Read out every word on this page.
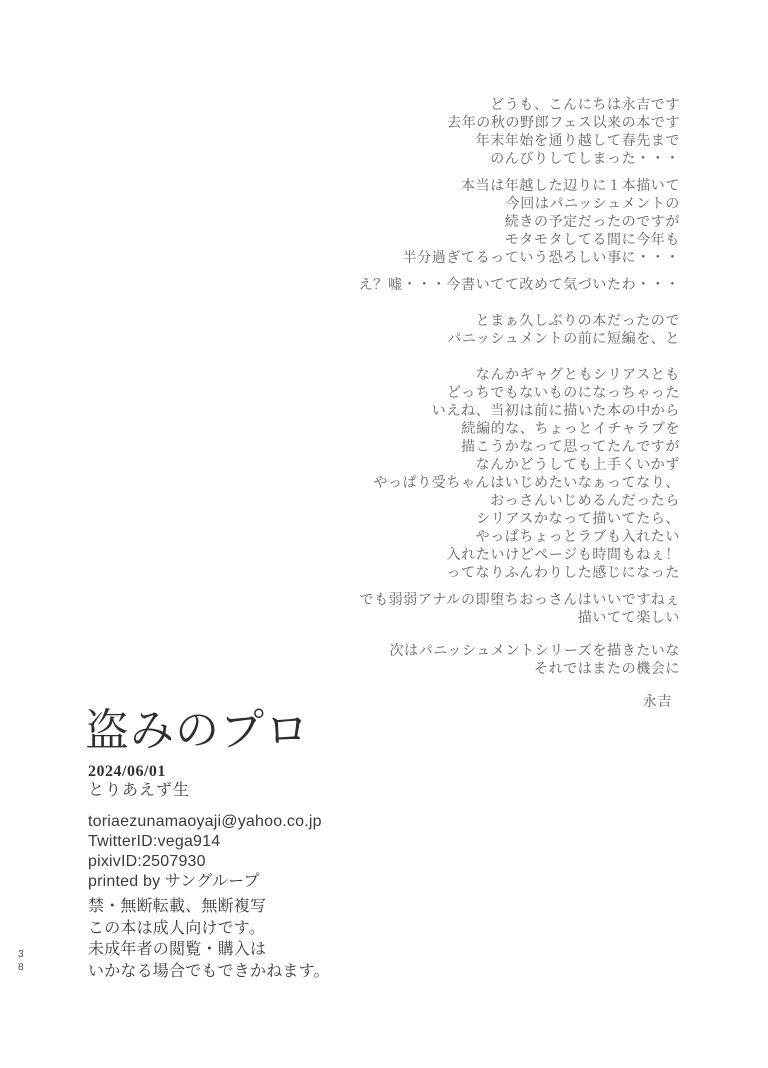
どうも、こんにちは永吉です
去年の秋の野郎フェス以来の本です
年末年始を通り越して春先まで
のんびりしてしまった・・・

本当は年越した辺りに１本描いて
今回はパニッシュメントの
続きの予定だったのですが
モタモタしてる間に今年も
半分過ぎてるっていう恐ろしい事に・・・

え？嘘・・・今書いてて改めて気づいたわ・・・

とまぁ久しぶりの本だったので
パニッシュメントの前に短編を、と

なんかギャグともシリアスとも
どっちでもないものになっちゃった
いえね、当初は前に描いた本の中から
続編的な、ちょっとイチャラブを
描こうかなって思ってたんですが
なんかどうしても上手くいかず
やっぱり受ちゃんはいじめたいなぁってなり、
おっさんいじめるんだったら
シリアスかなって描いてたら、
やっぱちょっとラブも入れたい
入れたいけどページも時間もねぇ！
ってなりふんわりした感じになった

でも弱弱アナルの即堕ちおっさんはいいですねぇ
描いてて楽しい

次はパニッシュメントシリーズを描きたいな
それではまたの機会に

永吉
盗みのプロ
2024/06/01
とりあえず生
toriaezunamaoyaji@yahoo.co.jp
TwitterID:vega914
pixivID:2507930
printed by サングループ
禁・無断転載、無断複写
この本は成人向けです。
未成年者の閲覧・購入は
いかなる場合でもできかねます。
3
8
